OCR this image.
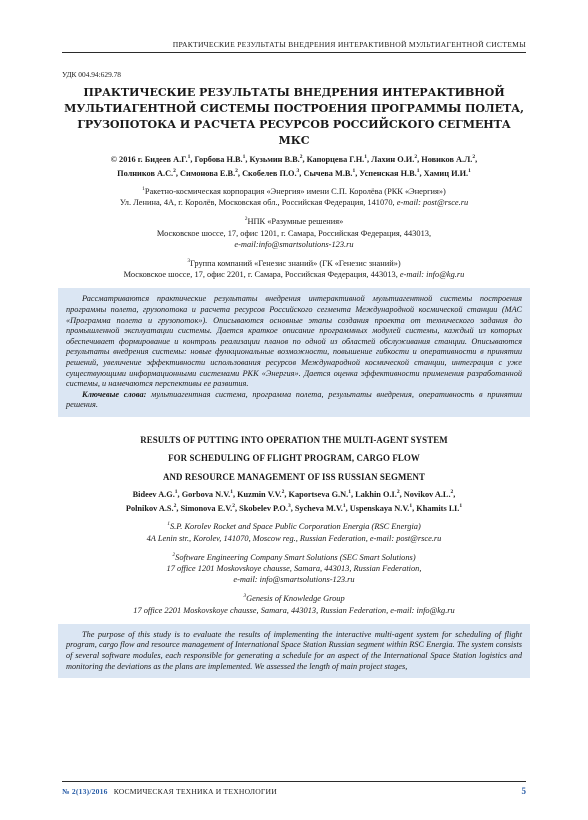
ПРАКТИЧЕСКИЕ РЕЗУЛЬТАТЫ ВНЕДРЕНИЯ ИНТЕРАКТИВНОЙ МУЛЬТИАГЕНТНОЙ СИСТЕМЫ
УДК 004.94:629.78
ПРАКТИЧЕСКИЕ РЕЗУЛЬТАТЫ ВНЕДРЕНИЯ ИНТЕРАКТИВНОЙ
МУЛЬТИАГЕНТНОЙ СИСТЕМЫ ПОСТРОЕНИЯ ПРОГРАММЫ ПОЛЕТА,
ГРУЗОПОТОКА И РАСЧЕТА РЕСУРСОВ РОССИЙСКОГО СЕГМЕНТА МКС
© 2016 г. Бидеев А.Г.$^1$, Горбова Н.В.$^1$, Кузьмин В.В.$^2$, Капорцева Г.Н.$^1$, Лахин О.И.$^2$, Новиков А.Л.$^2$,
Полников А.С.$^2$, Симонова Е.В.$^2$, Скобелев П.О.$^3$, Сычева М.В.$^1$, Успенская Н.В.$^1$, Хамиц И.И.$^1$
$^1$Ракетно-космическая корпорация «Энергия» имени С.П. Королёва (РКК «Энергия»)
Ул. Ленина, 4А, г. Королёв, Московская обл., Российская Федерация, 141070, e-mail: post@rsce.ru
$^2$НПК «Разумные решения»
Московское шоссе, 17, офис 1201, г. Самара, Российская Федерация, 443013,
e-mail:info@smartsolutions-123.ru
$^3$Группа компаний «Генезис знаний» (ГК «Генезис знаний»)
Московское шоссе, 17, офис 2201, г. Самара, Российская Федерация, 443013, e-mail: info@kg.ru

Рассматриваются практические результаты внедрения интерактивной мультиагентной системы построения программы полета, грузопотока и расчета ресурсов Российского сегмента Международной космической станции (МАС «Программа полета и грузопоток»). Описываются основные этапы создания проекта от технического задания до промышленной эксплуатации системы. Дается краткое описание программных модулей системы, каждый из которых обеспечивает формирование и контроль реализации планов по одной из областей обслуживания станции. Описываются результаты внедрения системы: новые функциональные возможности, повышение гибкости и оперативности в принятии решений, увеличение эффективности использования ресурсов Международной космической станции, интеграция с уже существующими информационными системами РКК «Энергия». Дается оценка эффективности применения разработанной системы, и намечаются перспективы ее развития.

Ключевые слова: мультиагентная система, программа полета, результаты внедрения, оперативность в принятии решения.

RESULTS OF PUTTING INTO OPERATION THE MULTI-AGENT SYSTEM
FOR SCHEDULING OF FLIGHT PROGRAM, CARGO FLOW
AND RESOURCE MANAGEMENT OF ISS RUSSIAN SEGMENT
Bideev A.G.$^1$, Gorbova N.V.$^1$, Kuzmin V.V.$^2$, Kaportseva G.N.$^1$, Lakhin O.I.$^2$, Novikov A.L.$^2$,
Polnikov A.S.$^2$, Simonova E.V.$^2$, Skobelev P.O.$^3$, Sycheva M.V.$^1$, Uspenskaya N.V.$^1$, Khamits I.I.$^1$
$^1$S.P. Korolev Rocket and Space Public Corporation Energia (RSC Energia)
4A Lenin str., Korolev, 141070, Moscow reg., Russian Federation, e-mail: post@rsce.ru
$^2$Software Engineering Company Smart Solutions (SEC Smart Solutions)
17 office 1201 Moskovskoye chausse, Samara, 443013, Russian Federation,
e-mail: info@smartsolutions-123.ru
$^3$Genesis of Knowledge Group
17 office 2201 Moskovskoye chausse, Samara, 443013, Russian Federation, e-mail: info@kg.ru

The purpose of this study is to evaluate the results of implementing the interactive multi-agent system for scheduling of flight program, cargo flow and resource management of International Space Station Russian segment within RSC Energia. The system consists of several software modules, each responsible for generating a schedule for an aspect of the International Space Station logistics and monitoring the deviations as the plans are implemented. We assessed the length of main project stages,

№ 2(13)/2016 КОСМИЧЕСКАЯ ТЕХНИКА И ТЕХНОЛОГИИ	5
